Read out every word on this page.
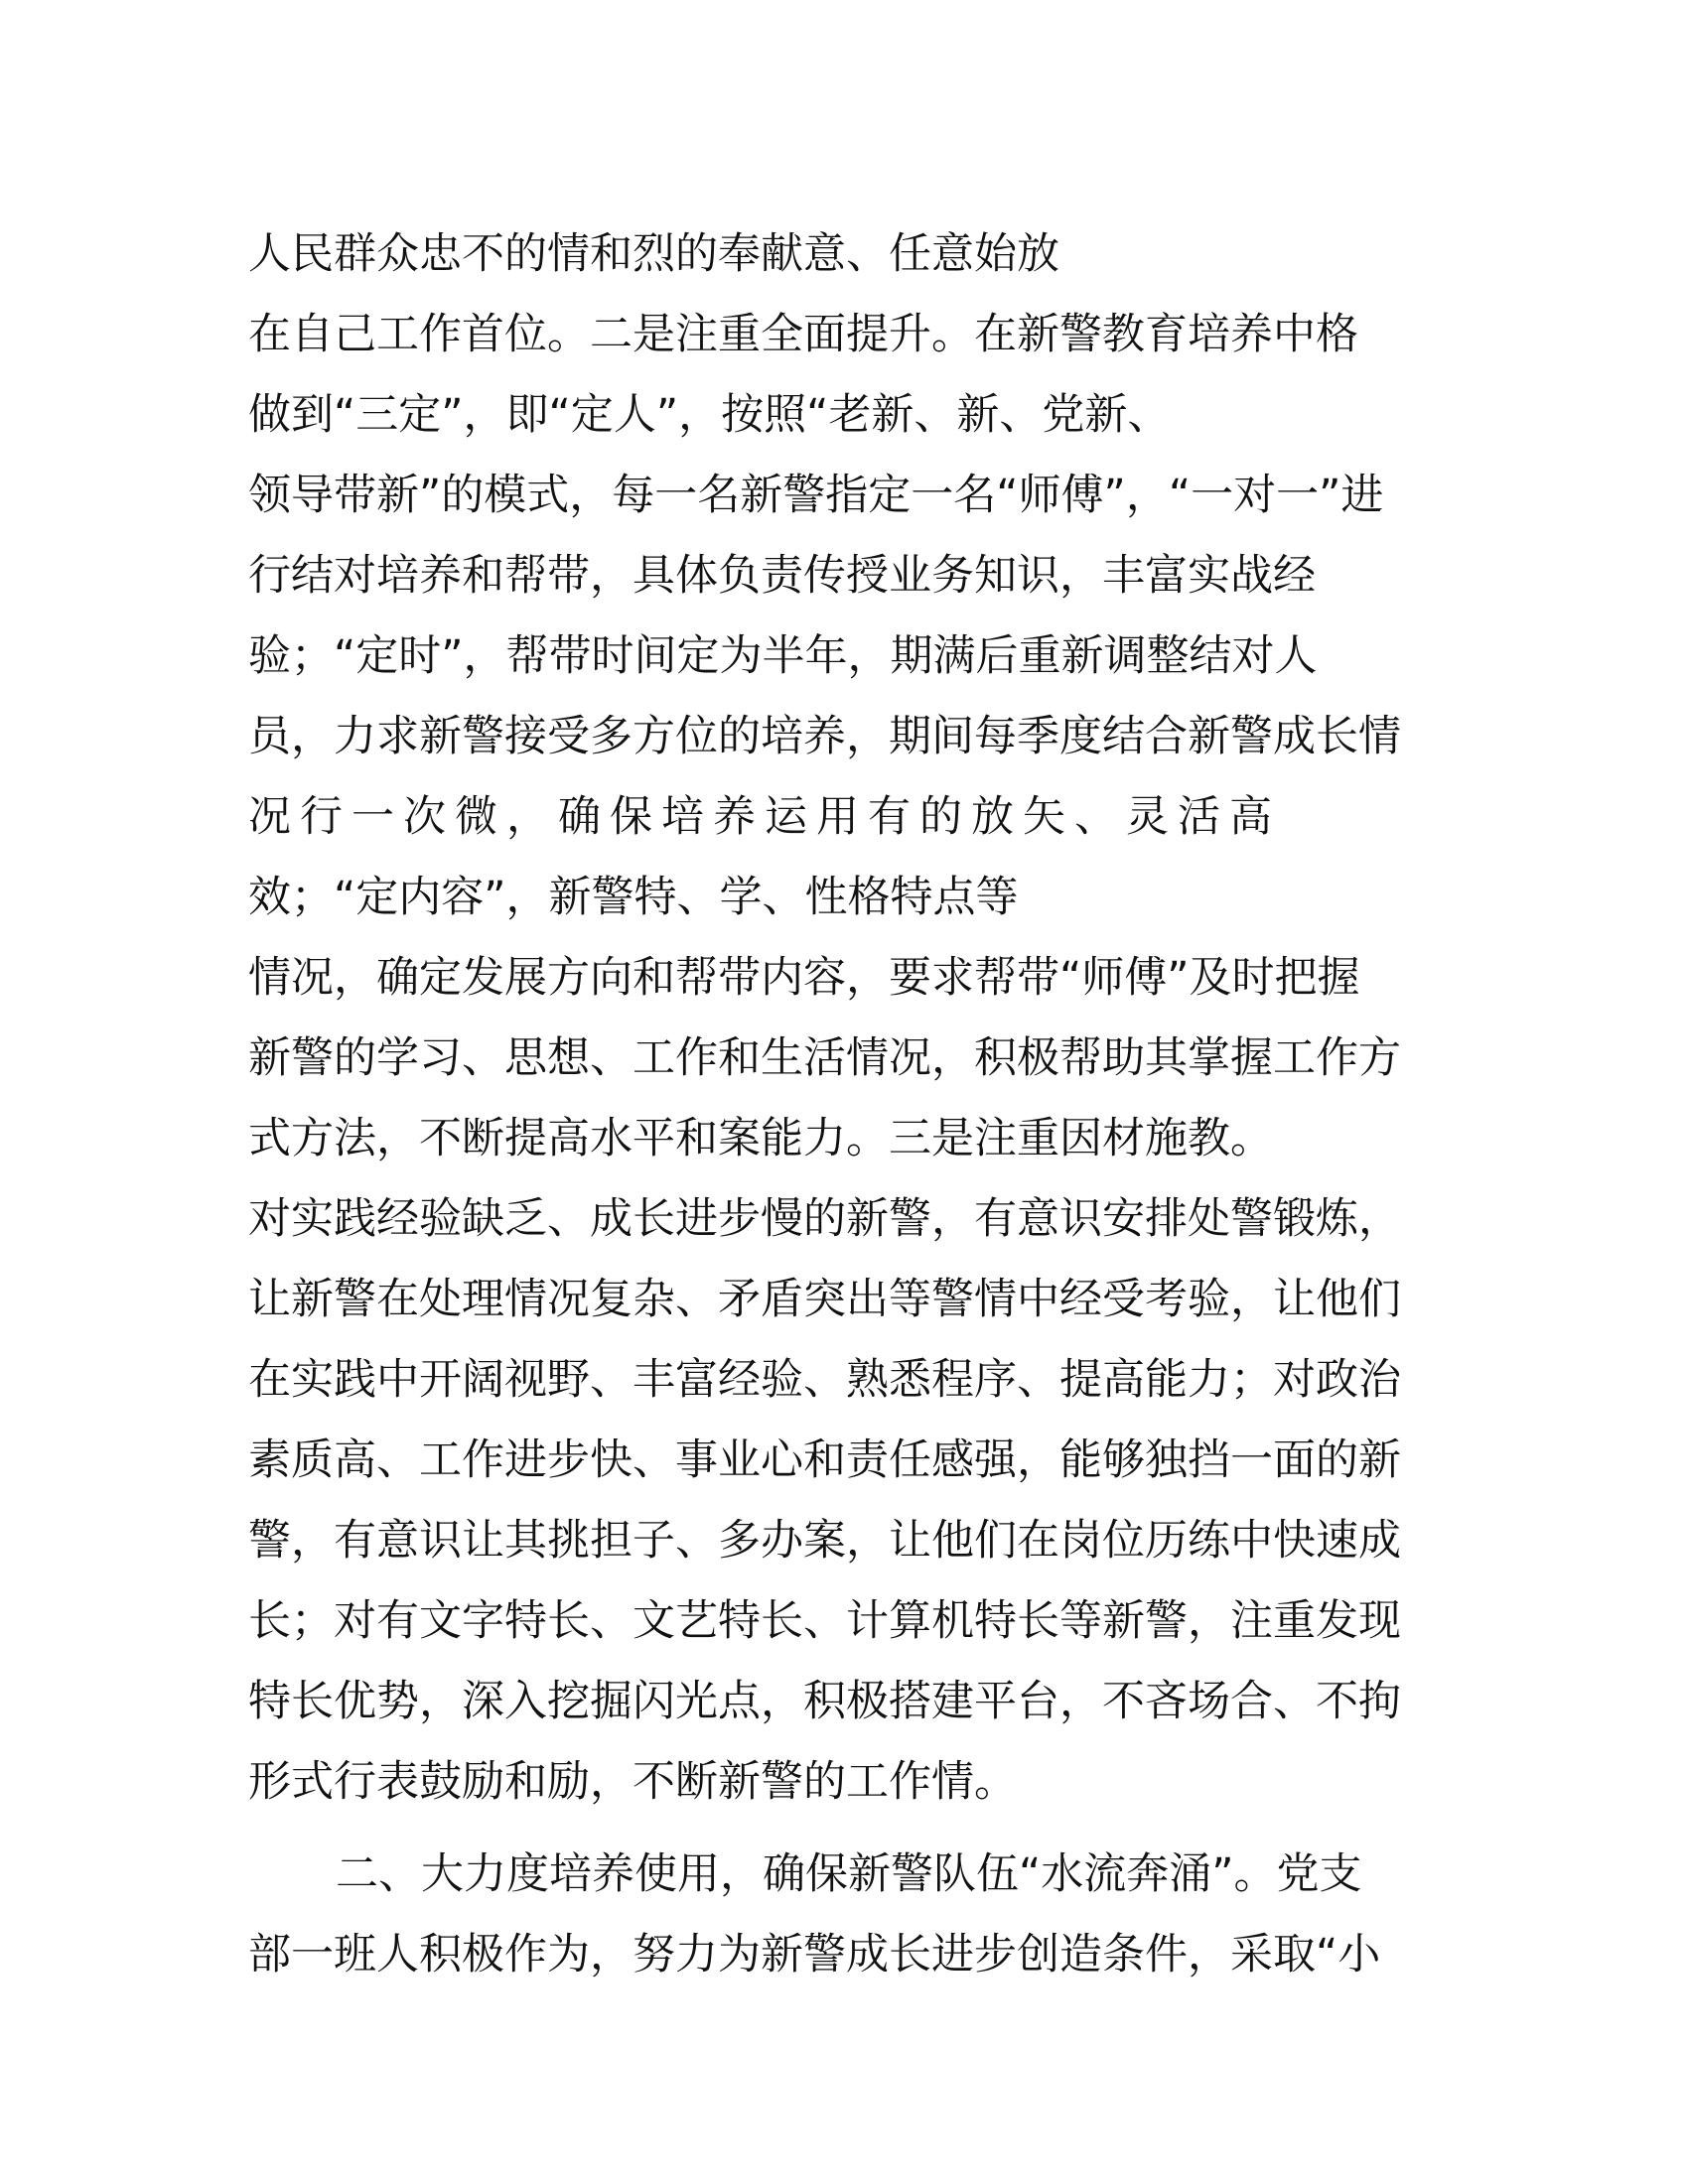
人民群众忠不的情和烈的奉献意、任意始放
在自己工作首位。二是注重全面提升。在新警教育培养中格
做到“三定”，即“定人”，按照“老新、新、党新、
领导带新”的模式，每一名新警指定一名“师傅”，“一对一”进
行结对培养和帮带，具体负责传授业务知识，丰富实战经
验；“定时”，帮带时间定为半年，期满后重新调整结对人
员，力求新警接受多方位的培养，期间每季度结合新警成长情
况行一次微，确保培养运用有的放矢、灵活高
效；“定内容”，新警特、学、性格特点等
情况，确定发展方向和帮带内容，要求帮带“师傅”及时把握
新警的学习、思想、工作和生活情况，积极帮助其掌握工作方
式方法，不断提高水平和案能力。三是注重因材施教。
对实践经验缺乏、成长进步慢的新警，有意识安排处警锻炼，
让新警在处理情况复杂、矛盾突出等警情中经受考验，让他们
在实践中开阔视野、丰富经验、熟悉程序、提高能力；对政治
素质高、工作进步快、事业心和责任感强，能够独挡一面的新
警，有意识让其挑担子、多办案，让他们在岗位历练中快速成
长；对有文字特长、文艺特长、计算机特长等新警，注重发现
特长优势，深入挖掘闪光点，积极搭建平台，不吝场合、不拘
形式行表鼓励和励，不断新警的工作情。
二、大力度培养使用，确保新警队伍“水流奔涌”。党支
部一班人积极作为，努力为新警成长进步创造条件，采取“小
